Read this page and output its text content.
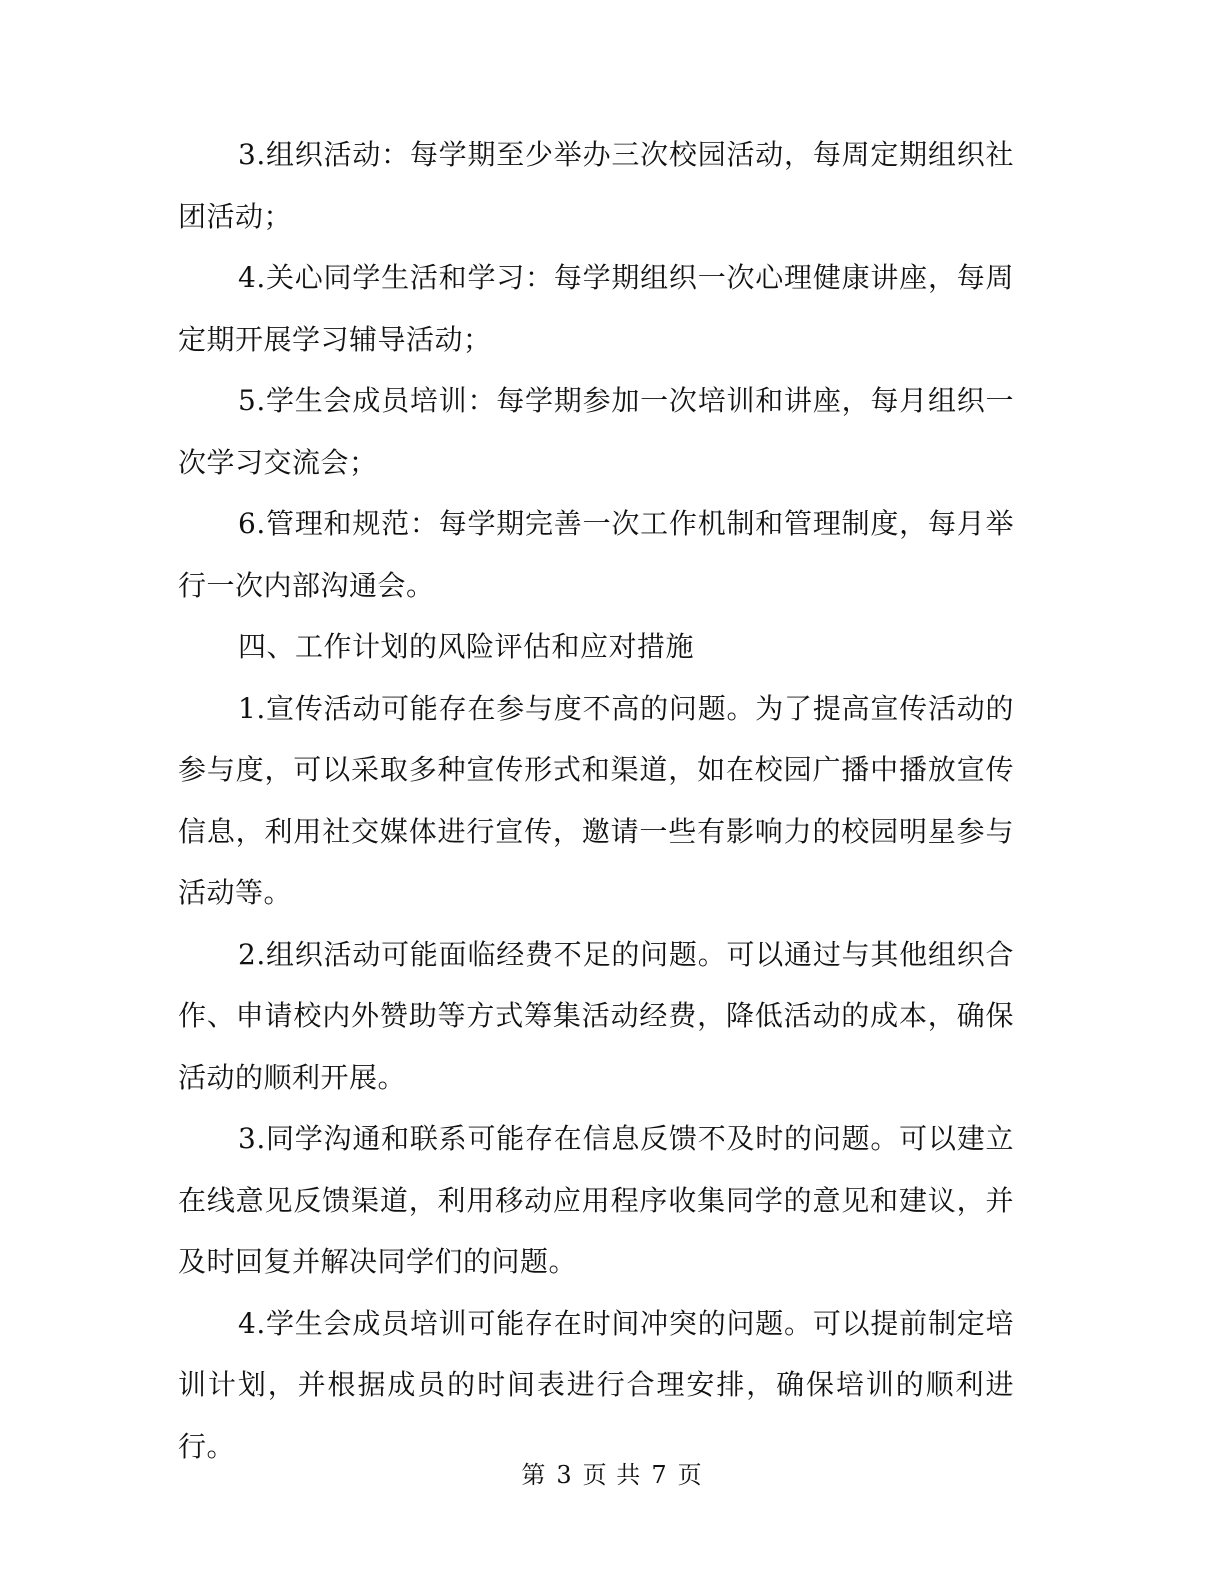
3.组织活动：每学期至少举办三次校园活动，每周定期组织社团活动；

4.关心同学生活和学习：每学期组织一次心理健康讲座，每周定期开展学习辅导活动；

5.学生会成员培训：每学期参加一次培训和讲座，每月组织一次学习交流会；

6.管理和规范：每学期完善一次工作机制和管理制度，每月举行一次内部沟通会。

四、工作计划的风险评估和应对措施

1.宣传活动可能存在参与度不高的问题。为了提高宣传活动的参与度，可以采取多种宣传形式和渠道，如在校园广播中播放宣传信息，利用社交媒体进行宣传，邀请一些有影响力的校园明星参与活动等。

2.组织活动可能面临经费不足的问题。可以通过与其他组织合作、申请校内外赞助等方式筹集活动经费，降低活动的成本，确保活动的顺利开展。

3.同学沟通和联系可能存在信息反馈不及时的问题。可以建立在线意见反馈渠道，利用移动应用程序收集同学的意见和建议，并及时回复并解决同学们的问题。

4.学生会成员培训可能存在时间冲突的问题。可以提前制定培训计划，并根据成员的时间表进行合理安排，确保培训的顺利进行。

第 3 页 共 7 页
